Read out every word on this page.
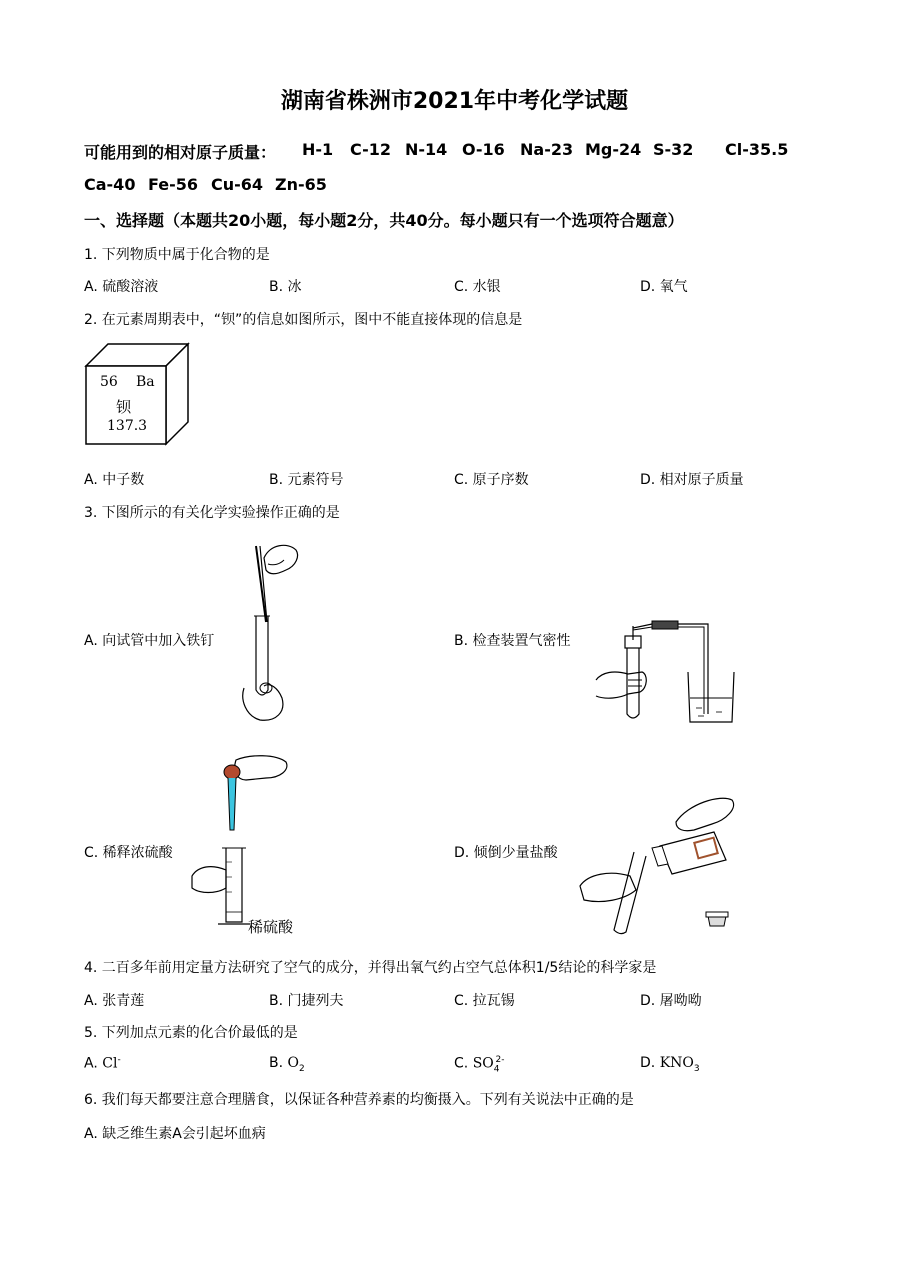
湖南省株洲市2021年中考化学试题
可能用到的相对原子质量： H-1 C-12 N-14 O-16 Na-23 Mg-24 S-32 Cl-35.5
Ca-40 Fe-56 Cu-64 Zn-65
一、选择题（本题共20小题，每小题2分，共40分。每小题只有一个选项符合题意）
1. 下列物质中属于化合物的是
A. 硫酸溶液	B. 冰	C. 水银	D. 氧气
2. 在元素周期表中，“钡”的信息如图所示，图中不能直接体现的信息是
56 Ba
钡
137.3
A. 中子数	B. 元素符号	C. 原子序数	D. 相对原子质量
3. 下图所示的有关化学实验操作正确的是
A. 向试管中加入铁钉	B. 检查装置气密性
C. 稀释浓硫酸	D. 倾倒少量盐酸
稀硫酸
4. 二百多年前用定量方法研究了空气的成分，并得出氧气约占空气总体积1/5结论的科学家是
A. 张青莲	B. 门捷列夫	C. 拉瓦锡	D. 屠呦呦
5. 下列加点元素的化合价最低的是
A. Cl-	B. $O_2$	C. $SO_4^{2-}$	D. $KNO_3$
6. 我们每天都要注意合理膳食，以保证各种营养素的均衡摄入。下列有关说法中正确的是
A. 缺乏维生素A会引起坏血病
